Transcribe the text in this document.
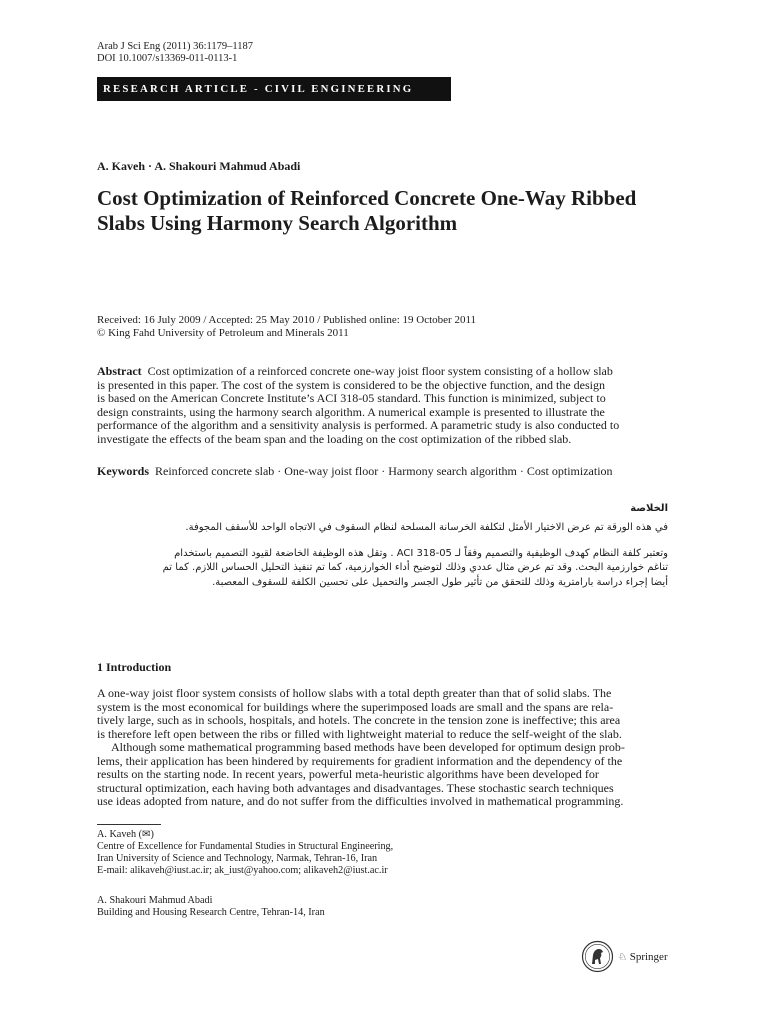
Arab J Sci Eng (2011) 36:1179–1187
DOI 10.1007/s13369-011-0113-1
RESEARCH ARTICLE - CIVIL ENGINEERING
A. Kaveh · A. Shakouri Mahmud Abadi
Cost Optimization of Reinforced Concrete One-Way Ribbed
Slabs Using Harmony Search Algorithm
Received: 16 July 2009 / Accepted: 25 May 2010 / Published online: 19 October 2011
© King Fahd University of Petroleum and Minerals 2011
Abstract Cost optimization of a reinforced concrete one-way joist floor system consisting of a hollow slab
is presented in this paper. The cost of the system is considered to be the objective function, and the design
is based on the American Concrete Institute’s ACI 318-05 standard. This function is minimized, subject to
design constraints, using the harmony search algorithm. A numerical example is presented to illustrate the
performance of the algorithm and a sensitivity analysis is performed. A parametric study is also conducted to
investigate the effects of the beam span and the loading on the cost optimization of the ribbed slab.
Keywords Reinforced concrete slab · One-way joist floor · Harmony search algorithm · Cost optimization
الخلاصة
في هذه الورقة تم عرض الاختيار الأمثل لتكلفة الخرسانة المسلحة لنظام السقوف في الاتجاه الواحد للأسقف المجوفة.
وتعتبر كلفة النظام كهدف الوظيفية والتصميم وفقاً لـ ACI 318-05 . وتقل هذه الوظيفة الخاضعة لقيود التصميم باستخدام
تناغم خوارزمية البحث. وقد تم عرض مثال عددي وذلك لتوضيح أداء الخوارزمية، كما تم تنفيذ التحليل الحساس اللازم. كما تم
أيضا إجراء دراسة بارامترية وذلك للتحقق من تأثير طول الجسر والتحميل على تحسين الكلفة للسقوف المعصبة.
1 Introduction
A one-way joist floor system consists of hollow slabs with a total depth greater than that of solid slabs. The
system is the most economical for buildings where the superimposed loads are small and the spans are rela-
tively large, such as in schools, hospitals, and hotels. The concrete in the tension zone is ineffective; this area
is therefore left open between the ribs or filled with lightweight material to reduce the self-weight of the slab.
Although some mathematical programming based methods have been developed for optimum design prob-
lems, their application has been hindered by requirements for gradient information and the dependency of the
results on the starting node. In recent years, powerful meta-heuristic algorithms have been developed for
structural optimization, each having both advantages and disadvantages. These stochastic search techniques
use ideas adopted from nature, and do not suffer from the difficulties involved in mathematical programming.
A. Kaveh (✉)
Centre of Excellence for Fundamental Studies in Structural Engineering,
Iran University of Science and Technology, Narmak, Tehran-16, Iran
E-mail: alikaveh@iust.ac.ir; ak_iust@yahoo.com; alikaveh2@iust.ac.ir
A. Shakouri Mahmud Abadi
Building and Housing Research Centre, Tehran-14, Iran
♘ Springer
